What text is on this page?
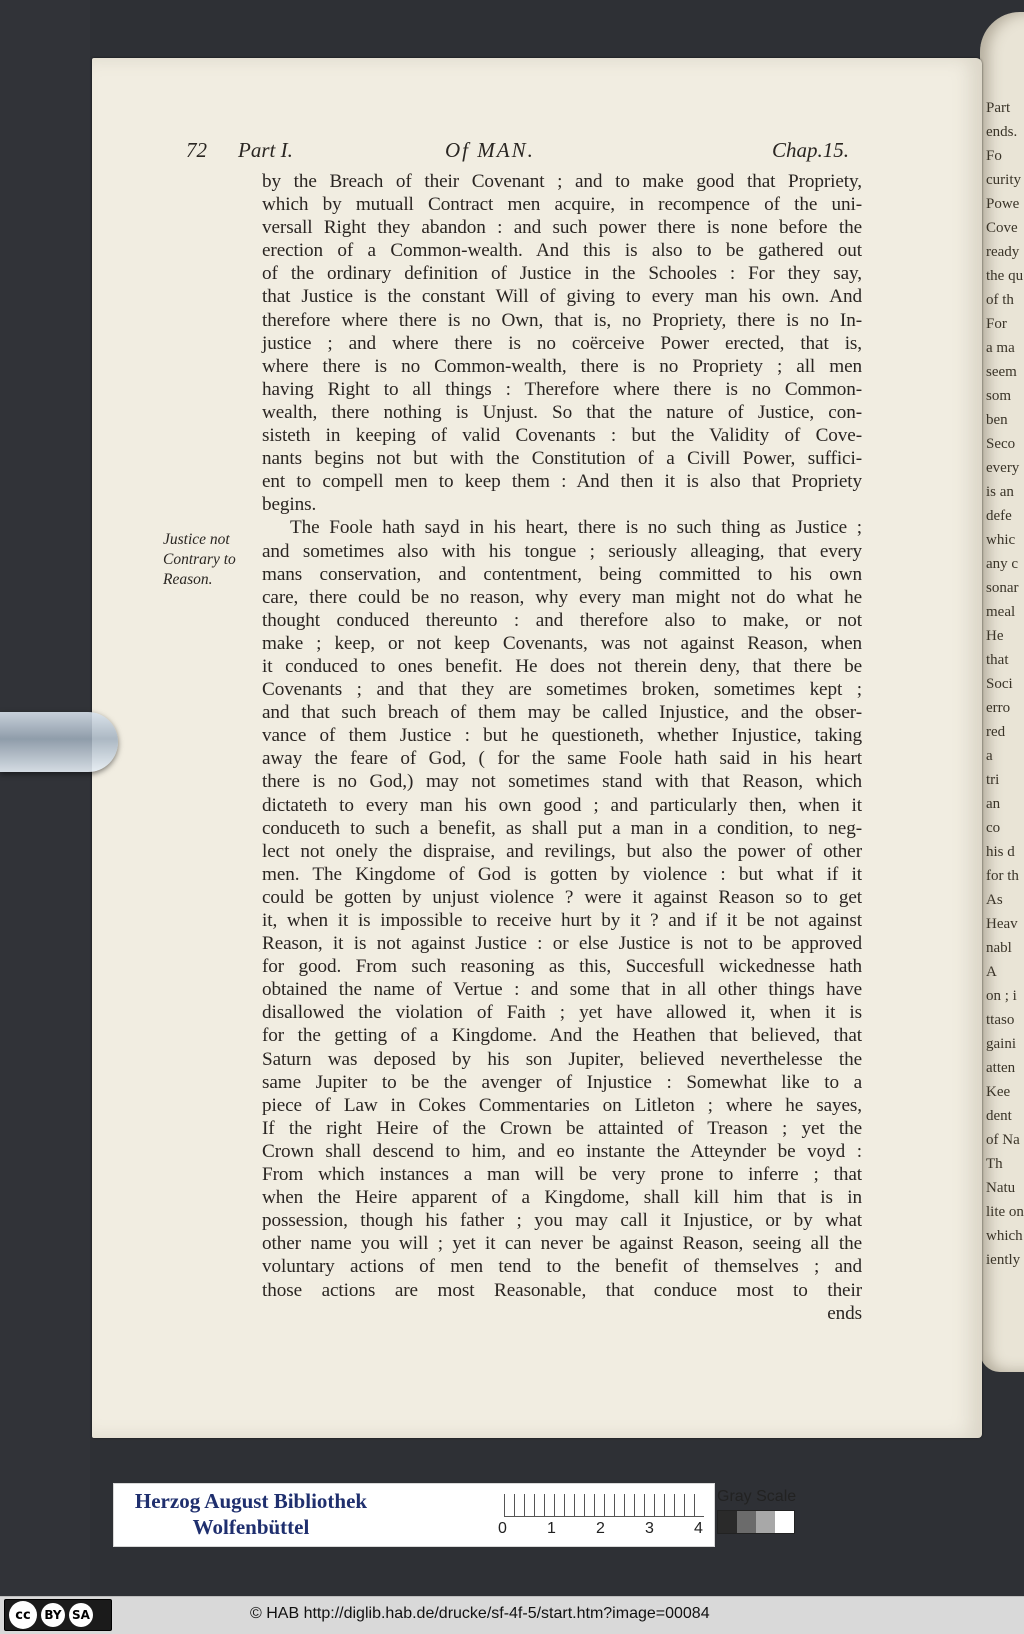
Part
ends.
Fo
curity
Powe
Cove
ready
the qu
of th
For
a ma
seem
som
ben
Seco
every
is an
defe
whic
any c
sonar
meal
He
that
Soci
erro
red
a
tri
an
co
his d
for th
As
Heav
nabl
A
on ; i
ttaso
gaini
atten
Kee
dent
of Na
Th
Natu
lite on
which
iently
72 Part I.	Of MAN.	Chap.15.
Justice not
Contrary to
Reason.
by the Breach of their Covenant ; and to make good that Propriety,
which by mutuall Contract men acquire, in recompence of the uni-
versall Right they abandon : and such power there is none before the
erection of a Common-wealth. And this is also to be gathered out
of the ordinary definition of Justice in the Schooles : For they say,
that Justice is the constant Will of giving to every man his own. And
therefore where there is no Own, that is, no Propriety, there is no In-
justice ; and where there is no coërceive Power erected, that is,
where there is no Common-wealth, there is no Propriety ; all men
having Right to all things : Therefore where there is no Common-
wealth, there nothing is Unjust. So that the nature of Justice, con-
sisteth in keeping of valid Covenants : but the Validity of Cove-
nants begins not but with the Constitution of a Civill Power, suffici-
ent to compell men to keep them : And then it is also that Propriety
begins.
The Foole hath sayd in his heart, there is no such thing as Justice ;
and sometimes also with his tongue ; seriously alleaging, that every
mans conservation, and contentment, being committed to his own
care, there could be no reason, why every man might not do what he
thought conduced thereunto : and therefore also to make, or not
make ; keep, or not keep Covenants, was not against Reason, when
it conduced to ones benefit. He does not therein deny, that there be
Covenants ; and that they are sometimes broken, sometimes kept ;
and that such breach of them may be called Injustice, and the obser-
vance of them Justice : but he questioneth, whether Injustice, taking
away the feare of God, ( for the same Foole hath said in his heart
there is no God,) may not sometimes stand with that Reason, which
dictateth to every man his own good ; and particularly then, when it
conduceth to such a benefit, as shall put a man in a condition, to neg-
lect not onely the dispraise, and revilings, but also the power of other
men. The Kingdome of God is gotten by violence : but what if it
could be gotten by unjust violence ? were it against Reason so to get
it, when it is impossible to receive hurt by it ? and if it be not against
Reason, it is not against Justice : or else Justice is not to be approved
for good. From such reasoning as this, Succesfull wickednesse hath
obtained the name of Vertue : and some that in all other things have
disallowed the violation of Faith ; yet have allowed it, when it is
for the getting of a Kingdome. And the Heathen that believed, that
Saturn was deposed by his son Jupiter, believed neverthelesse the
same Jupiter to be the avenger of Injustice : Somewhat like to a
piece of Law in Cokes Commentaries on Litleton ; where he sayes,
If the right Heire of the Crown be attainted of Treason ; yet the
Crown shall descend to him, and eo instante the Atteynder be voyd :
From which instances a man will be very prone to inferre ; that
when the Heire apparent of a Kingdome, shall kill him that is in
possession, though his father ; you may call it Injustice, or by what
other name you will ; yet it can never be against Reason, seeing all the
voluntary actions of men tend to the benefit of themselves ; and
those actions are most Reasonable, that conduce most to their
ends
Herzog August Bibliothek
Wolfenbüttel	0	1	2	3	4
Gray Scale
cc	BY SA	© HAB http://diglib.hab.de/drucke/sf-4f-5/start.htm?image=00084
